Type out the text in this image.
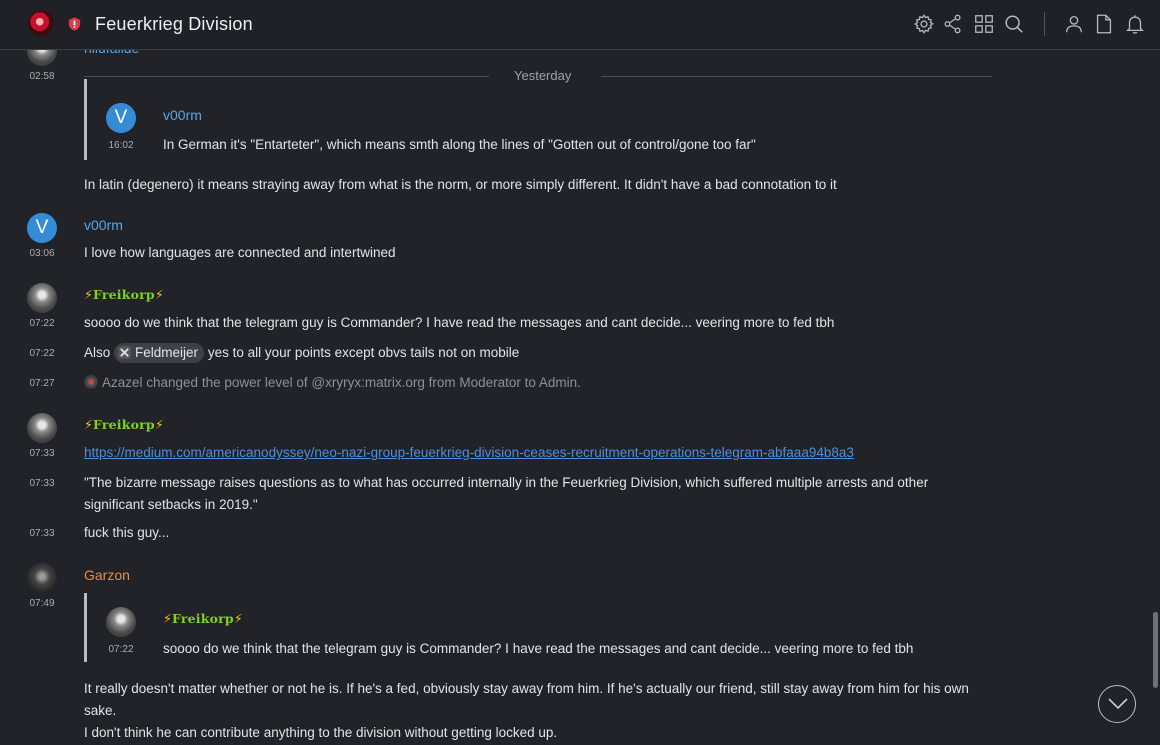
Feuerkrieg Division
02:58	Yesterday
V	v00rm
16:02	In German it's "Entarteter", which means smth along the lines of "Gotten out of control/gone too far"
In latin (degenero) it means straying away from what is the norm, or more simply different. It didn't have a bad connotation to it
V	v00rm
03:06	I love how languages are connected and intertwined
⚡Freikorp⚡
07:22	soooo do we think that the telegram guy is Commander? I have read the messages and cant decide... veering more to fed tbh
07:22	Also Feldmeijer yes to all your points except obvs tails not on mobile
07:27	Azazel changed the power level of @xryryx:matrix.org from Moderator to Admin.
⚡Freikorp⚡
07:33	https://medium.com/americanodyssey/neo-nazi-group-feuerkrieg-division-ceases-recruitment-operations-telegram-abfaaa94b8a3
07:33	"The bizarre message raises questions as to what has occurred internally in the Feuerkrieg Division, which suffered multiple arrests and other significant setbacks in 2019."
07:33	fuck this guy...
Garzon
07:49
⚡Freikorp⚡
07:22	soooo do we think that the telegram guy is Commander? I have read the messages and cant decide... veering more to fed tbh
It really doesn't matter whether or not he is. If he's a fed, obviously stay away from him. If he's actually our friend, still stay away from him for his own sake.
I don't think he can contribute anything to the division without getting locked up.
